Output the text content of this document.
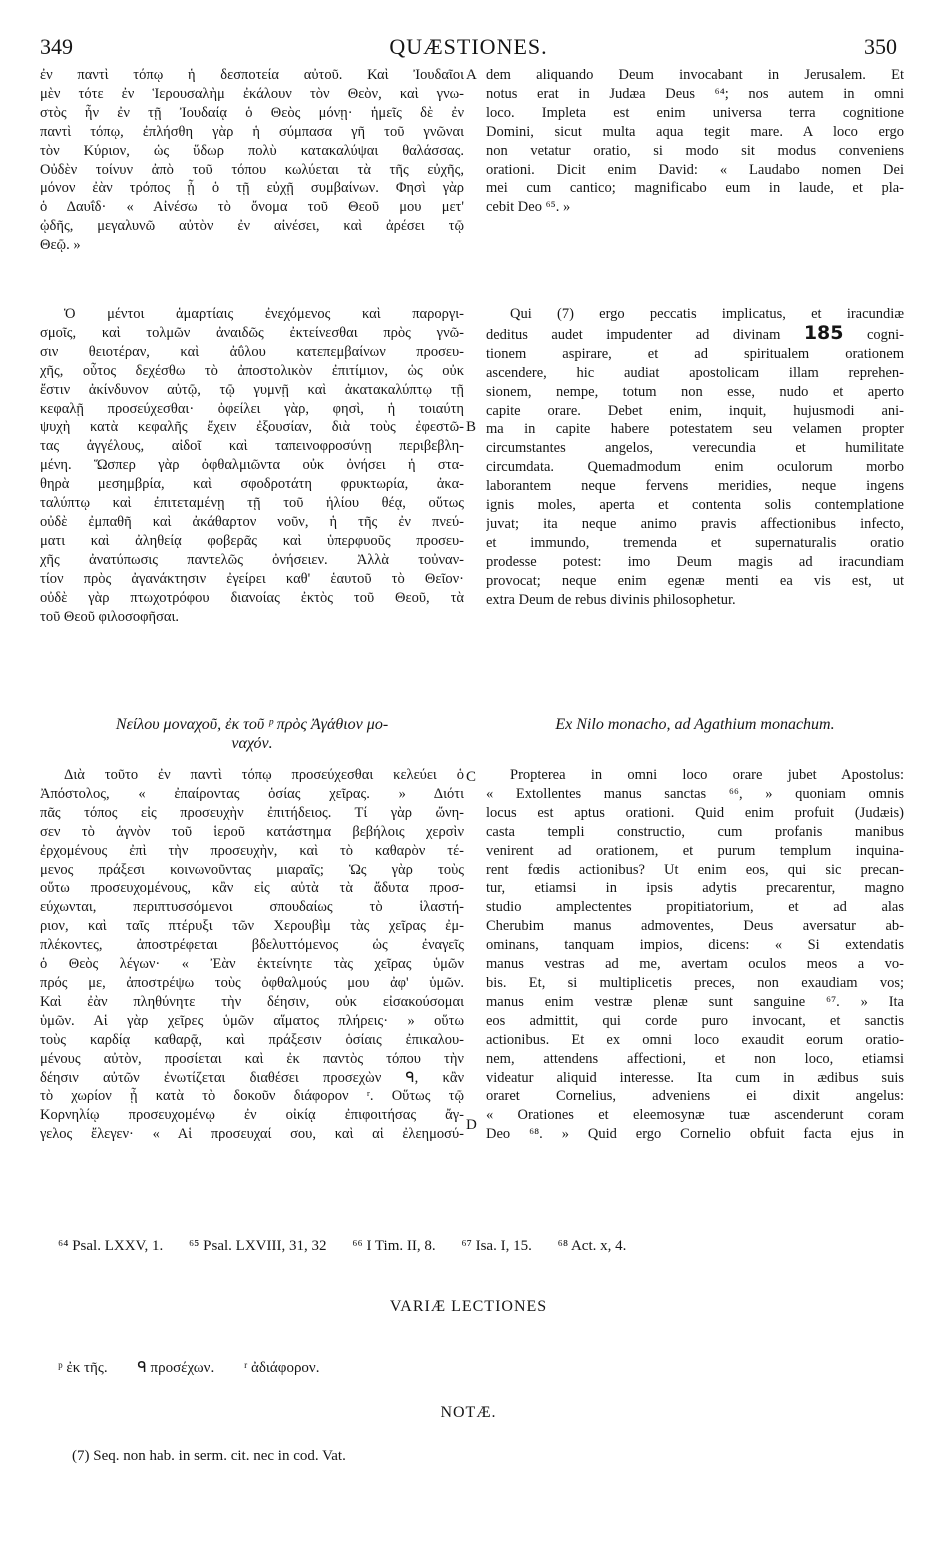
349	QUÆSTIONES.	350

ἐν παντὶ τόπῳ ἡ δεσποτεία αὐτοῦ. Καὶ Ἰουδαῖοι

μὲν τότε ἐν Ἱερουσαλὴμ ἐκάλουν τὸν Θεὸν, καὶ γνω-

στὸς ἦν ἐν τῇ Ἰουδαίᾳ ὁ Θεὸς μόνῃ· ἡμεῖς δὲ ἐν

παντὶ τόπῳ, ἐπλήσθη γὰρ ἡ σύμπασα γῆ τοῦ γνῶναι

τὸν Κύριον, ὡς ὕδωρ πολὺ κατακαλύψαι θαλάσσας.

Οὐδὲν τοίνυν ἀπὸ τοῦ τόπου κωλύεται τὰ τῆς εὐχῆς,

μόνον ἐὰν τρόπος ᾖ ὁ τῇ εὐχῇ συμβαίνων. Φησὶ γὰρ

ὁ Δαυΐδ· « Αἰνέσω τὸ ὄνομα τοῦ Θεοῦ μου μετ'

ᾠδῆς, μεγαλυνῶ αὐτὸν ἐν αἰνέσει, καὶ ἀρέσει τῷ

Θεῷ. »

Ὁ μέντοι ἁμαρτίαις ἐνεχόμενος καὶ παροργι-

σμοῖς, καὶ τολμῶν ἀναιδῶς ἐκτείνεσθαι πρὸς γνῶ-

σιν θειοτέραν, καὶ ἀΰλου κατεπεμβαίνων προσευ-

χῆς, οὗτος δεχέσθω τὸ ἀποστολικὸν ἐπιτίμιον, ὡς οὐκ

ἔστιν ἀκίνδυνον αὐτῷ, τῷ γυμνῇ καὶ ἀκατακαλύπτῳ τῇ

κεφαλῇ προσεύχεσθαι· ὀφείλει γὰρ, φησὶ, ἡ τοιαύτη

ψυχὴ κατὰ κεφαλῆς ἔχειν ἐξουσίαν, διὰ τοὺς ἐφεστῶ-

τας ἀγγέλους, αἰδοῖ καὶ ταπεινοφροσύνῃ περιβεβλη-

μένη. Ὥσπερ γὰρ ὀφθαλμιῶντα οὐκ ὀνήσει ἡ στα-

θηρὰ μεσημβρία, καὶ σφοδροτάτη φρυκτωρία, ἀκα-

ταλύπτῳ καὶ ἐπιτεταμένῃ τῇ τοῦ ἡλίου θέᾳ, οὕτως

οὐδὲ ἐμπαθῆ καὶ ἀκάθαρτον νοῦν, ἡ τῆς ἐν πνεύ-

ματι καὶ ἀληθείᾳ φοβερᾶς καὶ ὑπερφυοῦς προσευ-

χῆς ἀνατύπωσις παντελῶς ὀνήσειεν. Ἀλλὰ τοὐναν-

τίον πρὸς ἀγανάκτησιν ἐγείρει καθ' ἑαυτοῦ τὸ Θεῖον·

οὐδὲ γὰρ πτωχοτρόφου διανοίας ἐκτὸς τοῦ Θεοῦ, τὰ

τοῦ Θεοῦ φιλοσοφῆσαι.

Νείλου μοναχοῦ, ἐκ τοῦ ᵖ πρὸς Ἀγάθιον μο-

ναχόν.

Διὰ τοῦτο ἐν παντὶ τόπῳ προσεύχεσθαι κελεύει ὁ

Ἀπόστολος, « ἐπαίροντας ὁσίας χεῖρας. » Διότι

πᾶς τόπος εἰς προσευχὴν ἐπιτήδειος. Τί γὰρ ὤνη-

σεν τὸ ἁγνὸν τοῦ ἱεροῦ κατάστημα βεβήλοις χερσὶν

ἐρχομένους ἐπὶ τὴν προσευχὴν, καὶ τὸ καθαρὸν τέ-

μενος πράξεσι κοινωνοῦντας μιαραῖς; Ὡς γὰρ τοὺς

οὕτω προσευχομένους, κἂν εἰς αὐτὰ τὰ ἄδυτα προσ-

εύχωνται, περιπτυσσόμενοι σπουδαίως τὸ ἱλαστή-

ριον, καὶ ταῖς πτέρυξι τῶν Χερουβὶμ τὰς χεῖρας ἐμ-

πλέκοντες, ἀποστρέφεται βδελυττόμενος ὡς ἐναγεῖς

ὁ Θεὸς λέγων· « Ἐὰν ἐκτείνητε τὰς χεῖρας ὑμῶν

πρός με, ἀποστρέψω τοὺς ὀφθαλμούς μου ἀφ' ὑμῶν.

Καὶ ἐὰν πληθύνητε τὴν δέησιν, οὐκ εἰσακούσομαι

ὑμῶν. Αἱ γὰρ χεῖρες ὑμῶν αἵματος πλήρεις· » οὕτω

τοὺς καρδίᾳ καθαρᾷ, καὶ πράξεσιν ὁσίαις ἐπικαλου-

μένους αὐτὸν, προσίεται καὶ ἐκ παντὸς τόπου τὴν

δέησιν αὐτῶν ἐνωτίζεται διαθέσει προσεχὼν ᑫ, κἂν

τὸ χωρίον ᾖ κατὰ τὸ δοκοῦν διάφορον ʳ. Οὕτως τῷ

Κορνηλίῳ προσευχομένῳ ἐν οἰκίᾳ ἐπιφοιτήσας ἄγ-

γελος ἔλεγεν· « Αἱ προσευχαί σου, καὶ αἱ ἐλεημοσύ-

A
B
C
D

dem aliquando Deum invocabant in Jerusalem. Et

notus erat in Judæa Deus ⁶⁴; nos autem in omni

loco. Impleta est enim universa terra cognitione

Domini, sicut multa aqua tegit mare. A loco ergo

non vetatur oratio, si modo sit modus conveniens

orationi. Dicit enim David: « Laudabo nomen Dei

mei cum cantico; magnificabo eum in laude, et pla-

cebit Deo ⁶⁵. »

Qui (7) ergo peccatis implicatus, et iracundiæ

deditus audet impudenter ad divinam 185 cogni-

tionem aspirare, et ad spiritualem orationem

ascendere, hic audiat apostolicam illam reprehen-

sionem, nempe, totum non esse, nudo et aperto

capite orare. Debet enim, inquit, hujusmodi ani-

ma in capite habere potestatem seu velamen propter

circumstantes angelos, verecundia et humilitate

circumdata. Quemadmodum enim oculorum morbo

laborantem neque fervens meridies, neque ingens

ignis moles, aperta et contenta solis contemplatione

juvat; ita neque animo pravis affectionibus infecto,

et immundo, tremenda et supernaturalis oratio

prodesse potest: imo Deum magis ad iracundiam

provocat; neque enim egenæ menti ea vis est, ut

extra Deum de rebus divinis philosophetur.

Ex Nilo monacho, ad Agathium monachum.

Propterea in omni loco orare jubet Apostolus:

« Extollentes manus sanctas ⁶⁶, » quoniam omnis

locus est aptus orationi. Quid enim profuit (Judæis)

casta templi constructio, cum profanis manibus

venirent ad orationem, et purum templum inquina-

rent fœdis actionibus? Ut enim eos, qui sic precan-

tur, etiamsi in ipsis adytis precarentur, magno

studio amplectentes propitiatorium, et ad alas

Cherubim manus admoventes, Deus aversatur ab-

ominans, tanquam impios, dicens: « Si extendatis

manus vestras ad me, avertam oculos meos a vo-

bis. Et, si multiplicetis preces, non exaudiam vos;

manus enim vestræ plenæ sunt sanguine ⁶⁷. » Ita

eos admittit, qui corde puro invocant, et sanctis

actionibus. Et ex omni loco exaudit eorum oratio-

nem, attendens affectioni, et non loco, etiamsi

videatur aliquid interesse. Ita cum in ædibus suis

oraret Cornelius, adveniens ei dixit angelus:

« Orationes et eleemosynæ tuæ ascenderunt coram

Deo ⁶⁸. » Quid ergo Cornelio obfuit facta ejus in

⁶⁴ Psal. LXXV, 1. ⁶⁵ Psal. LXVIII, 31, 32 ⁶⁶ I Tim. II, 8. ⁶⁷ Isa. I, 15. ⁶⁸ Act. x, 4.
VARIÆ LECTIONES
ᵖ ἐκ τῆς. ᑫ προσέχων. ʳ ἀδιάφορον.
NOTÆ.
(7) Seq. non hab. in serm. cit. nec in cod. Vat.
